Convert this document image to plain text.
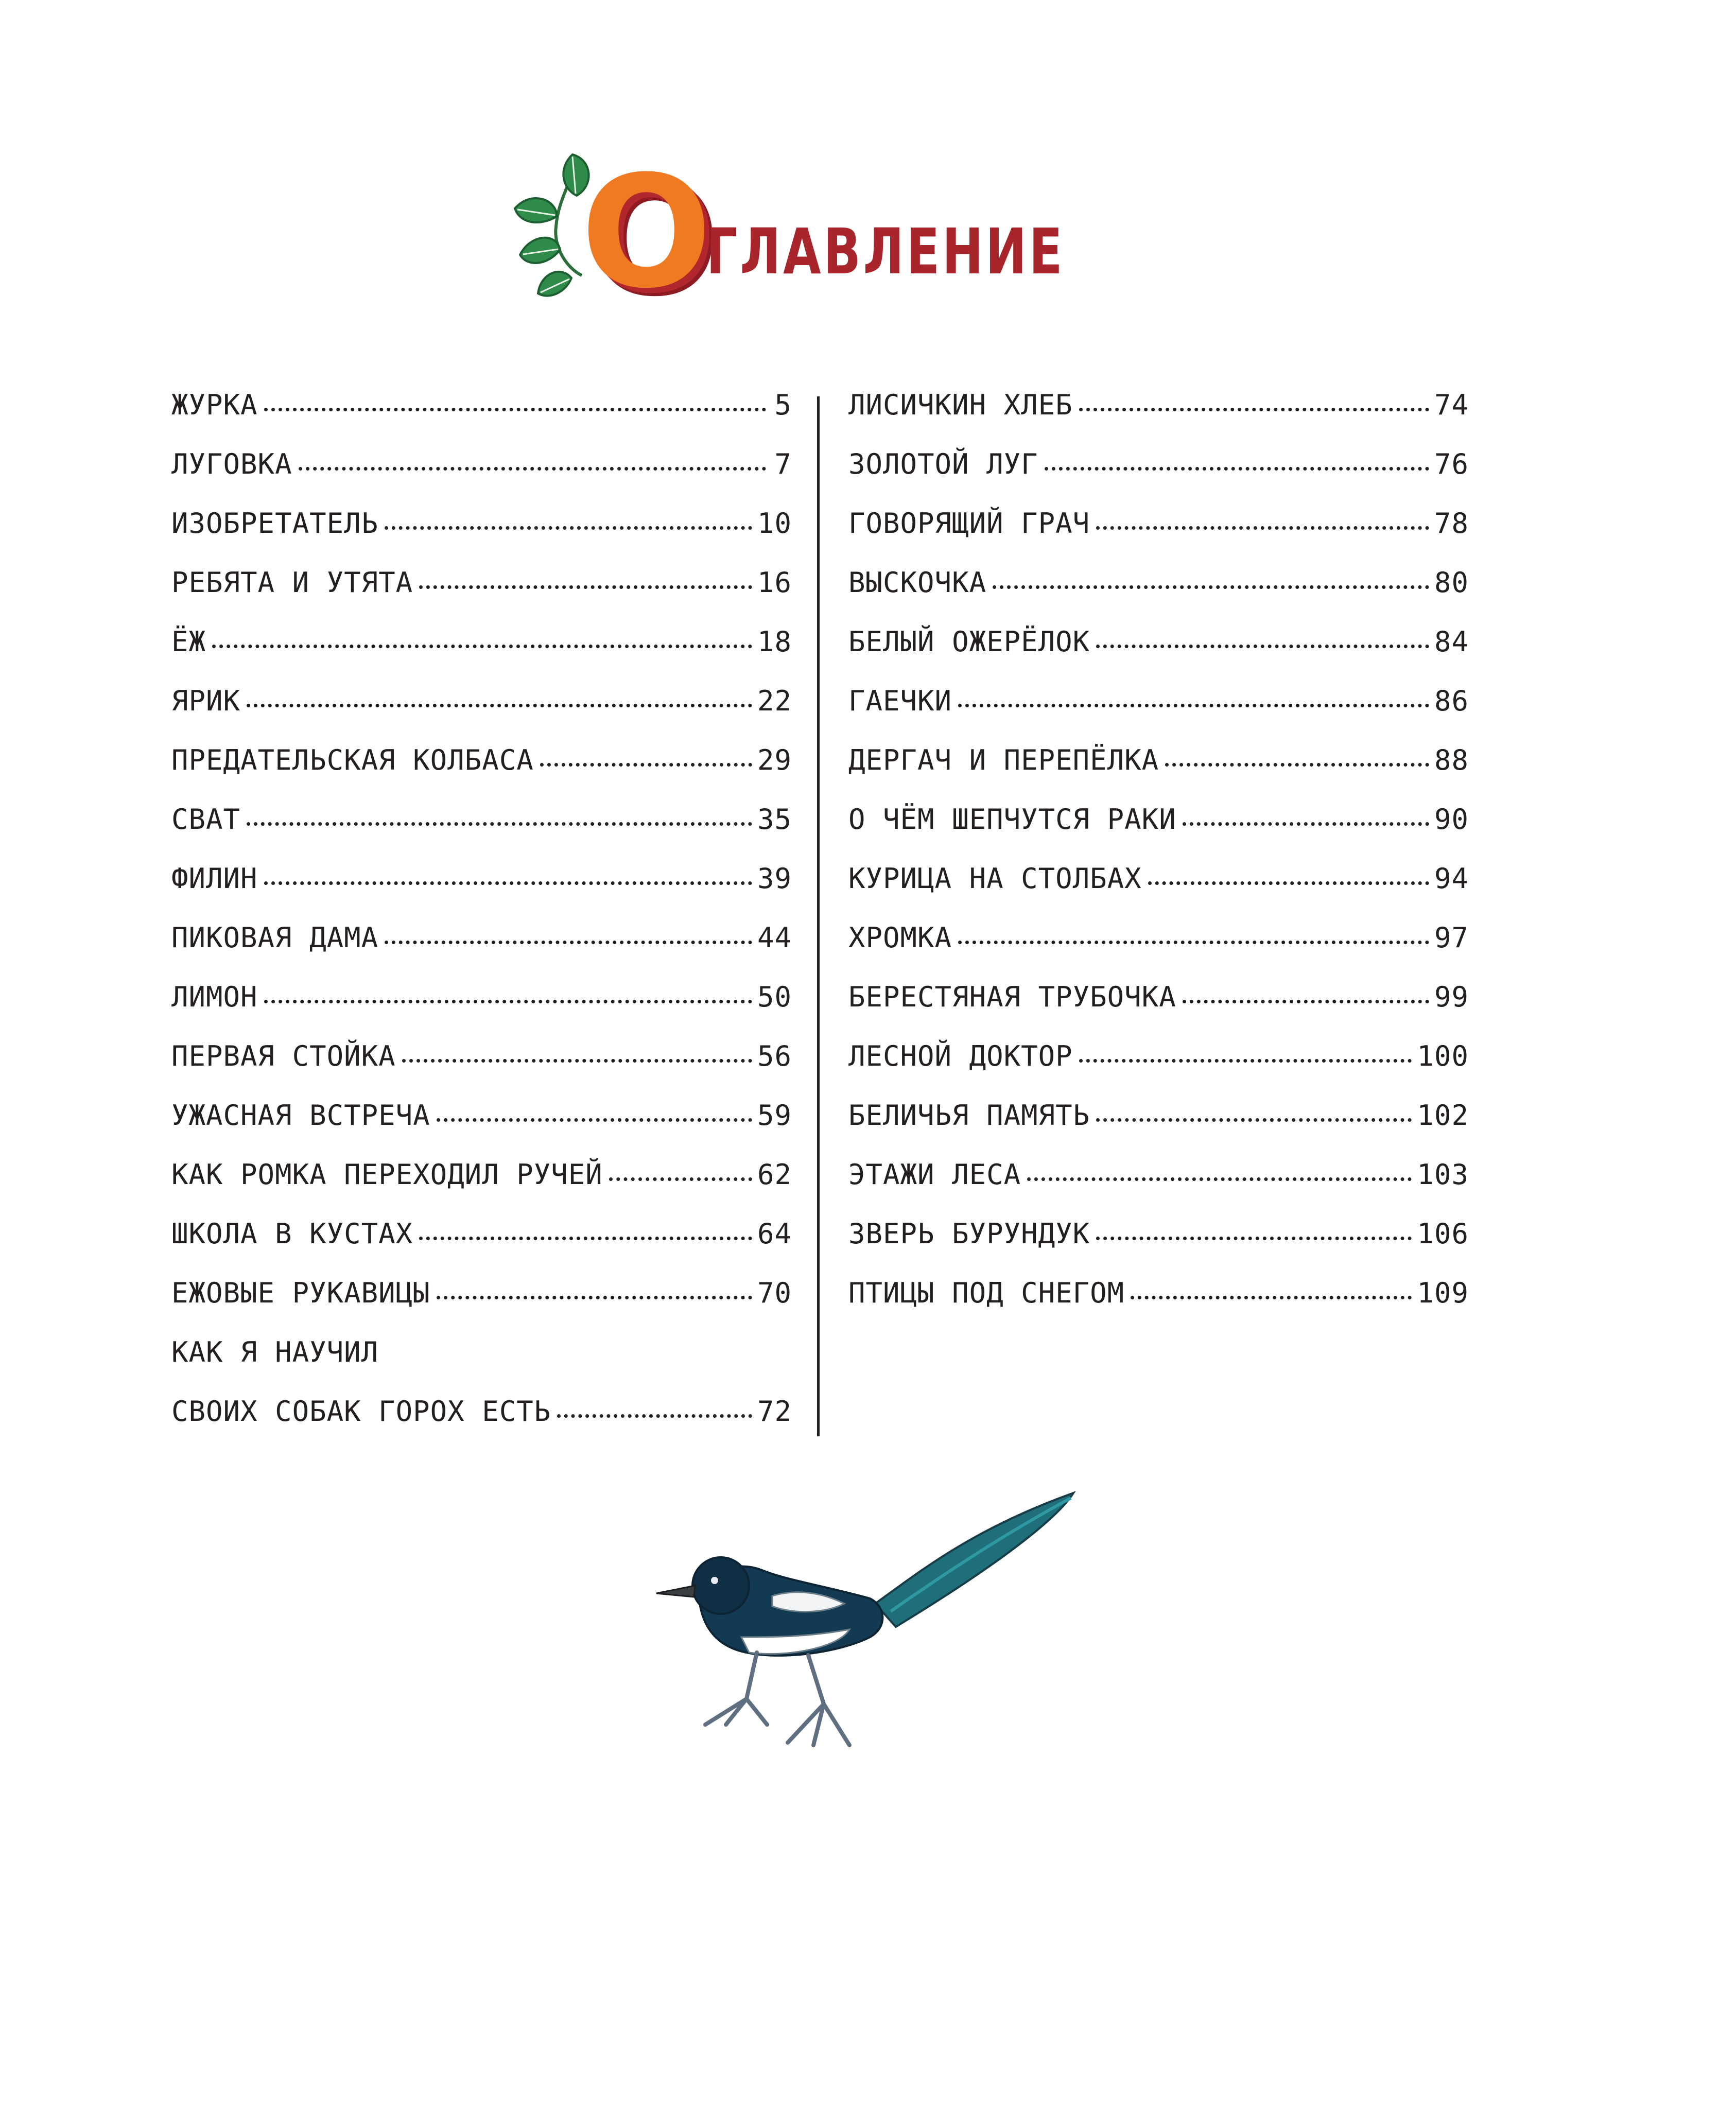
О
ГЛАВЛЕНИЕ
ЖУРКА	5
ЛУГОВКА	7
ИЗОБРЕТАТЕЛЬ	10
РЕБЯТА И УТЯТА	16
ЁЖ	18
ЯРИК	22
ПРЕДАТЕЛЬСКАЯ КОЛБАСА	29
СВАТ	35
ФИЛИН	39
ПИКОВАЯ ДАМА	44
ЛИМОН	50
ПЕРВАЯ СТОЙКА	56
УЖАСНАЯ ВСТРЕЧА	59
КАК РОМКА ПЕРЕХОДИЛ РУЧЕЙ	62
ШКОЛА В КУСТАХ	64
ЕЖОВЫЕ РУКАВИЦЫ	70
КАК Я НАУЧИЛ
СВОИХ СОБАК ГОРОХ ЕСТЬ	72
ЛИСИЧКИН ХЛЕБ	74
ЗОЛОТОЙ ЛУГ	76
ГОВОРЯЩИЙ ГРАЧ	78
ВЫСКОЧКА	80
БЕЛЫЙ ОЖЕРЁЛОК	84
ГАЕЧКИ	86
ДЕРГАЧ И ПЕРЕПЁЛКА	88
О ЧЁМ ШЕПЧУТСЯ РАКИ	90
КУРИЦА НА СТОЛБАХ	94
ХРОМКА	97
БЕРЕСТЯНАЯ ТРУБОЧКА	99
ЛЕСНОЙ ДОКТОР	100
БЕЛИЧЬЯ ПАМЯТЬ	102
ЭТАЖИ ЛЕСА	103
ЗВЕРЬ БУРУНДУК	106
ПТИЦЫ ПОД СНЕГОМ	109
